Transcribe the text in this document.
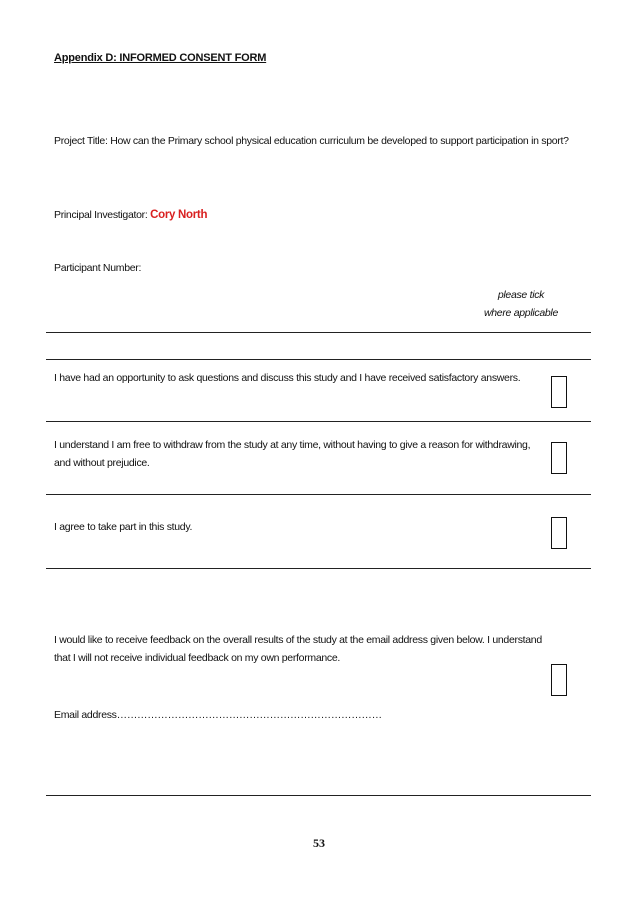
Appendix D: INFORMED CONSENT FORM
Project Title: How can the Primary school physical education curriculum be developed to support participation in sport?
Principal Investigator: Cory North
Participant Number:
please tick
where applicable
I have had an opportunity to ask questions and discuss this study and I have received satisfactory answers.
I understand I am free to withdraw from the study at any time, without having to give a reason for withdrawing, and without prejudice.
I agree to take part in this study.
I would like to receive feedback on the overall results of the study at the email address given below. I understand that I will not receive individual feedback on my own performance.
Email address……………………………………………………………………
53
